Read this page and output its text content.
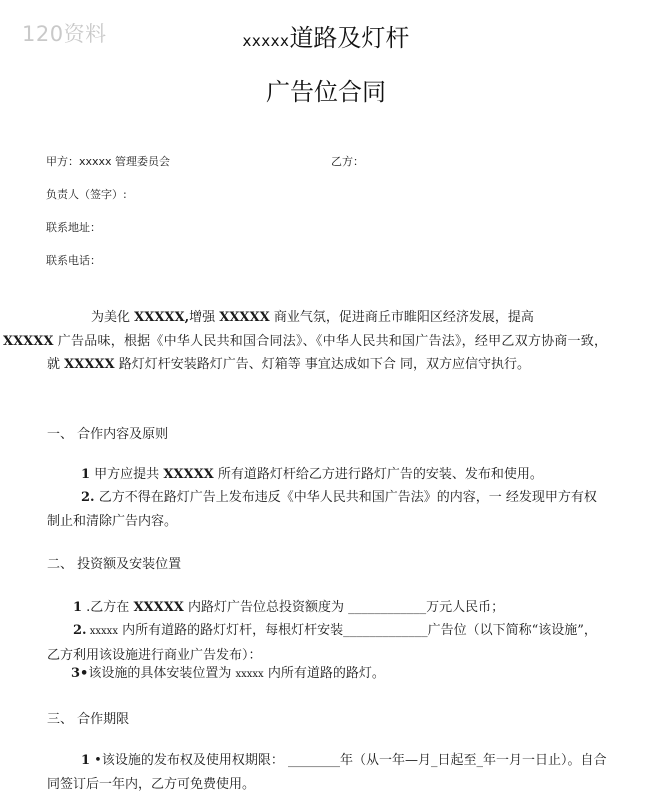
120资料	xxxxx道路及灯杆
广告位合同
甲方：xxxxx 管理委员会	乙方：
负责人（签字）:
联系地址：
联系电话：
为美化 XXXXX,增强 XXXXX 商业气氛，促进商丘市睢阳区经济发展，提高
XXXXX 广告品味，根据《中华人民共和国合同法》、《中华人民共和国广告法》，经甲乙双方协商一致，就 XXXXX 路灯灯杆安装路灯广告、灯箱等 事宜达成如下合 同，双方应信守执行。
一、 合作内容及原则
1 甲方应提共 XXXXX 所有道路灯杆给乙方进行路灯广告的安装、发布和使用。
2. 乙方不得在路灯广告上发布违反《中华人民共和国广告法》的内容，一 经发现甲方有权制止和清除广告内容。
二、 投资额及安装位置
1 .乙方在 XXXXX 内路灯广告位总投资额度为 ____________万元人民币；
2. xxxxx 内所有道路的路灯灯杆，每根灯杆安装_____________广告位（以下简称“该设施”，乙方利用该设施进行商业广告发布）：
3•该设施的具体安装位置为 xxxxx 内所有道路的路灯。
三、 合作期限
1 •该设施的发布权及使用权期限： ________年（从一年—月_日起至_年一月一日止）。自合同签订后一年内，乙方可免费使用。
